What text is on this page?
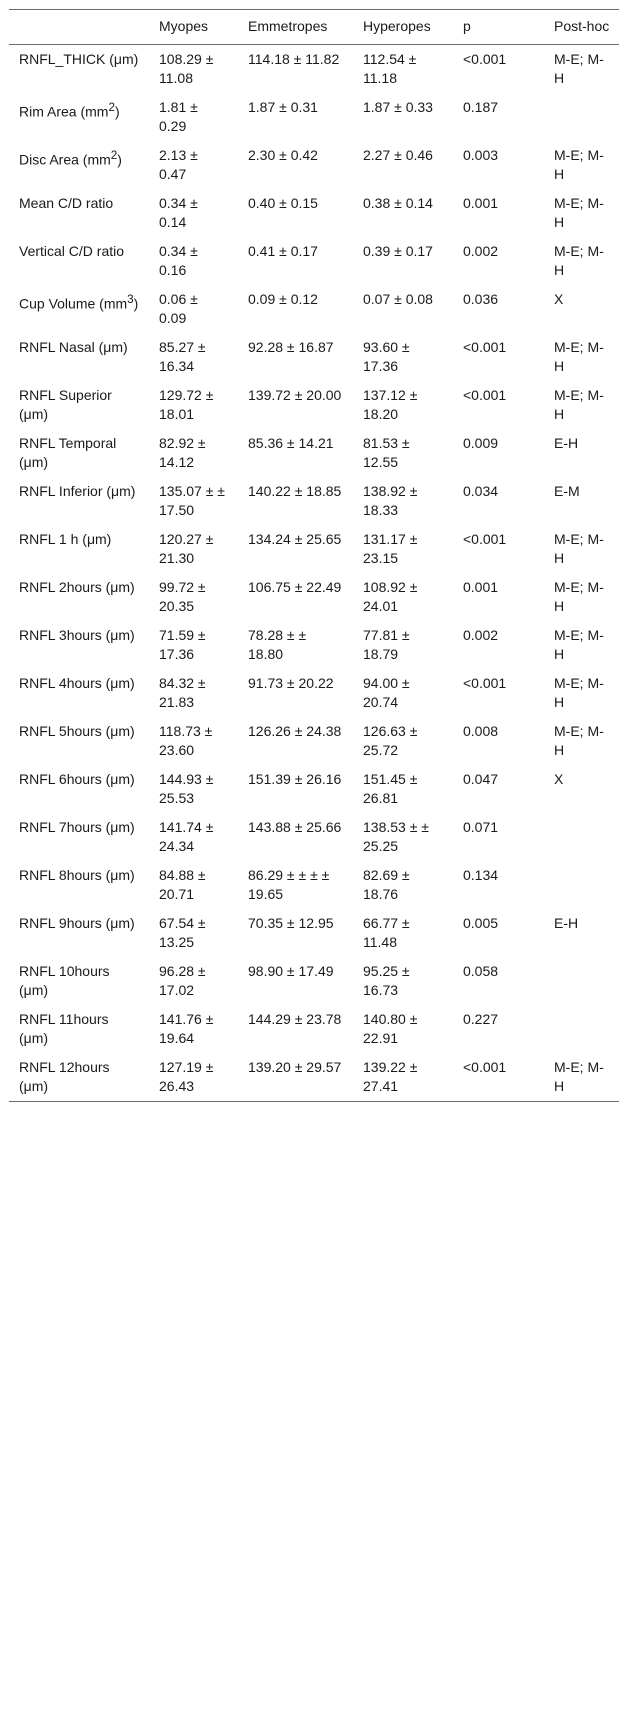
	Myopes	Emmetropes	Hyperopes	p	Post-hoc
RNFL_THICK (μm)	108.29 ± 11.08	114.18 ± 11.82	112.54 ± 11.18	<0.001	M-E; M-H
Rim Area $(mm^2)$	1.81 ± 0.29	1.87 ± 0.31	1.87 ± 0.33	0.187	
Disc Area $(mm^2)$	2.13 ± 0.47	2.30 ± 0.42	2.27 ± 0.46	0.003	M-E; M-H
Mean C/D ratio	0.34 ± 0.14	0.40 ± 0.15	0.38 ± 0.14	0.001	M-E; M-H
Vertical C/D ratio	0.34 ± 0.16	0.41 ± 0.17	0.39 ± 0.17	0.002	M-E; M-H
Cup Volume $(mm^3)$	0.06 ± 0.09	0.09 ± 0.12	0.07 ± 0.08	0.036	X
RNFL Nasal (μm)	85.27 ± 16.34	92.28 ± 16.87	93.60 ± 17.36	<0.001	M-E; M-H
RNFL Superior (μm)	129.72 ± 18.01	139.72 ± 20.00	137.12 ± 18.20	<0.001	M-E; M-H
RNFL Temporal (μm)	82.92 ± 14.12	85.36 ± 14.21	81.53 ± 12.55	0.009	E-H
RNFL Inferior (μm)	135.07 ± ± 17.50	140.22 ± 18.85	138.92 ± 18.33	0.034	E-M
RNFL 1 h (μm)	120.27 ± 21.30	134.24 ± 25.65	131.17 ± 23.15	<0.001	M-E; M-H
RNFL 2hours (μm)	99.72 ± 20.35	106.75 ± 22.49	108.92 ± 24.01	0.001	M-E; M-H
RNFL 3hours (μm)	71.59 ± 17.36	78.28 ± ± 18.80	77.81 ± 18.79	0.002	M-E; M-H
RNFL 4hours (μm)	84.32 ± 21.83	91.73 ± 20.22	94.00 ± 20.74	<0.001	M-E; M-H
RNFL 5hours (μm)	118.73 ± 23.60	126.26 ± 24.38	126.63 ± 25.72	0.008	M-E; M-H
RNFL 6hours (μm)	144.93 ± 25.53	151.39 ± 26.16	151.45 ± 26.81	0.047	X
RNFL 7hours (μm)	141.74 ± 24.34	143.88 ± 25.66	138.53 ± ± 25.25	0.071	
RNFL 8hours (μm)	84.88 ± 20.71	86.29 ± ± ± ± 19.65	82.69 ± 18.76	0.134	
RNFL 9hours (μm)	67.54 ± 13.25	70.35 ± 12.95	66.77 ± 11.48	0.005	E-H
RNFL 10hours (μm)	96.28 ± 17.02	98.90 ± 17.49	95.25 ± 16.73	0.058	
RNFL 11hours (μm)	141.76 ± 19.64	144.29 ± 23.78	140.80 ± 22.91	0.227	
RNFL 12hours (μm)	127.19 ± 26.43	139.20 ± 29.57	139.22 ± 27.41	<0.001	M-E; M-H
